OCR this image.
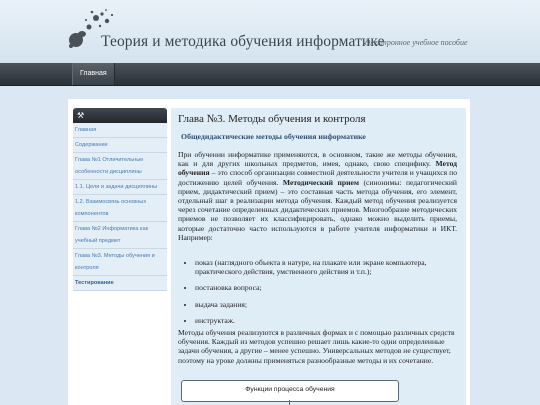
Теория и методика обучения информатике
Электронное учебное пособие
Главная
⚒
Главная
Содержание
Глава №1 Отличительные особенности дисциплины
1.1. Цели и задачи дисциплины
1.2. Взаимосвязь основных компонентов
Глава №2 Информатика как учебный предмет
Глава №3. Методы обучения и контроля
Тестирование
Глава №3. Методы обучения и контроля
Общедидактические методы обучения информатике

При обучении информатике применяются, в основном, такие же методы обучения, как и для других школьных предметов, имея, однако, свою специфику. Метод обучения – это способ организации совместной деятельности учителя и учащихся по достижению целей обучения. Методический прием (синонимы: педагогический прием, дидактический прием) – это составная часть метода обучения, его элемент, отдельный шаг в реализации метода обучения. Каждый метод обучения реализуется через сочетание определенных дидактических приемов. Многообразие методических приемов не позволяет их классифицировать, однако можно выделить приемы, которые достаточно часто используются в работе учителя информатики и ИКТ. Например:

• показ (наглядного объекта в натуре, на плакате или экране компьютера, практического действия, умственного действия и т.п.);
• постановка вопроса;
• выдача задания;
• инструктаж.

Методы обучения реализуются в различных формах и с помощью различных средств обучения. Каждый из методов успешно решает лишь какие-то одни определенные задачи обучения, а другие – менее успешно. Универсальных методов не существует, поэтому на уроке должны применяться разнообразные методы и их сочетание.

Функции процесса обучения
